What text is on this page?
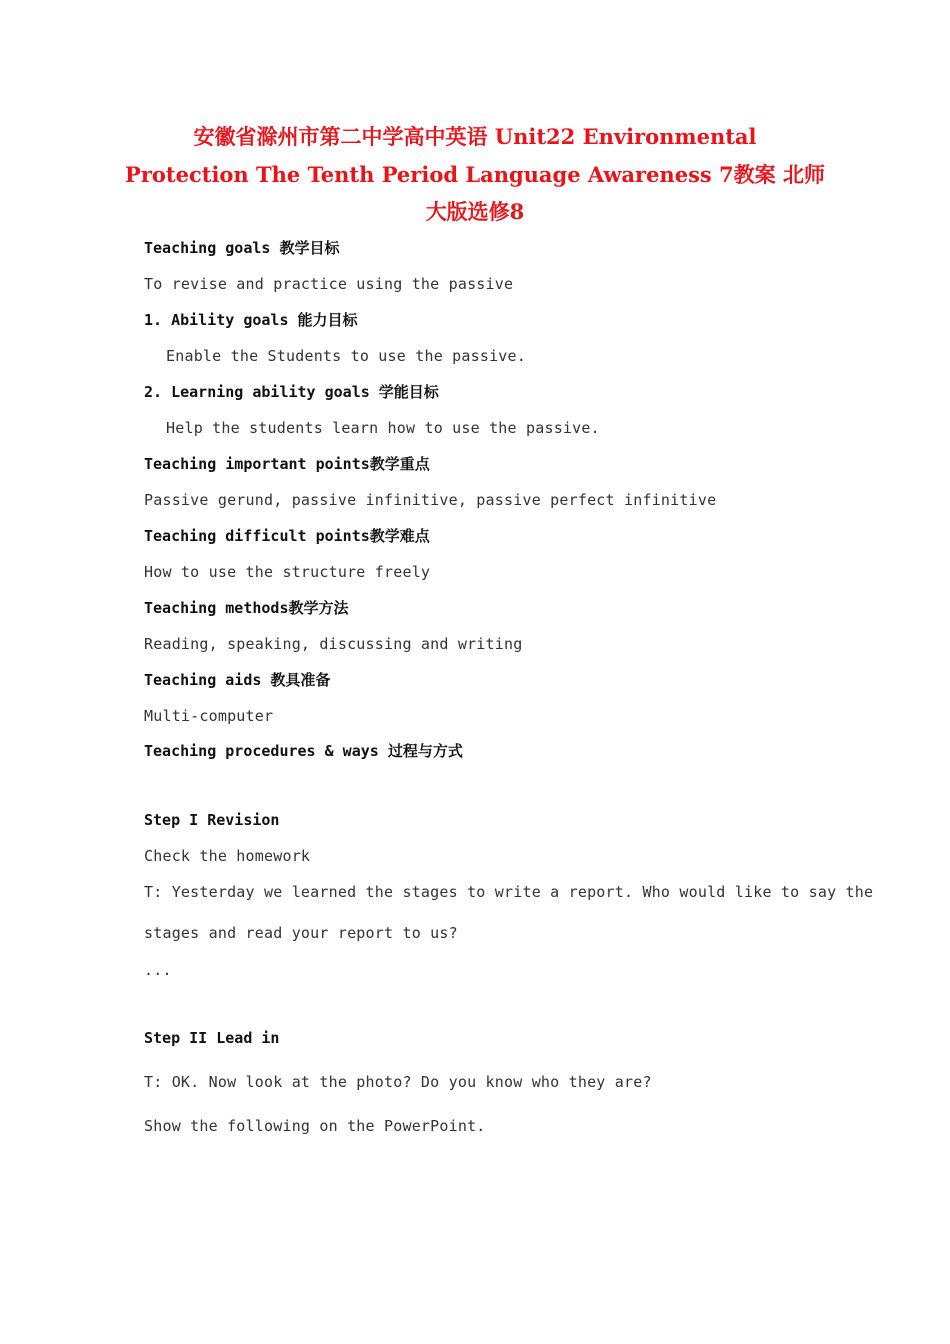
安徽省滁州市第二中学高中英语 Unit22 Environmental
Protection The Tenth Period Language Awareness 7教案 北师
大版选修8
Teaching goals 教学目标
To revise and practice using the passive
1. Ability goals 能力目标
Enable the Students to use the passive.
2. Learning ability goals 学能目标
Help the students learn how to use the passive.
Teaching important points教学重点
Passive gerund, passive infinitive, passive perfect infinitive
Teaching difficult points教学难点
How to use the structure freely
Teaching methods教学方法
Reading, speaking, discussing and writing
Teaching aids 教具准备
Multi-computer
Teaching procedures & ways 过程与方式
Step I Revision
Check the homework
T: Yesterday we learned the stages to write a report. Who would like to say the
stages and read your report to us?
...
Step II Lead in
T: OK. Now look at the photo? Do you know who they are?
Show the following on the PowerPoint.
